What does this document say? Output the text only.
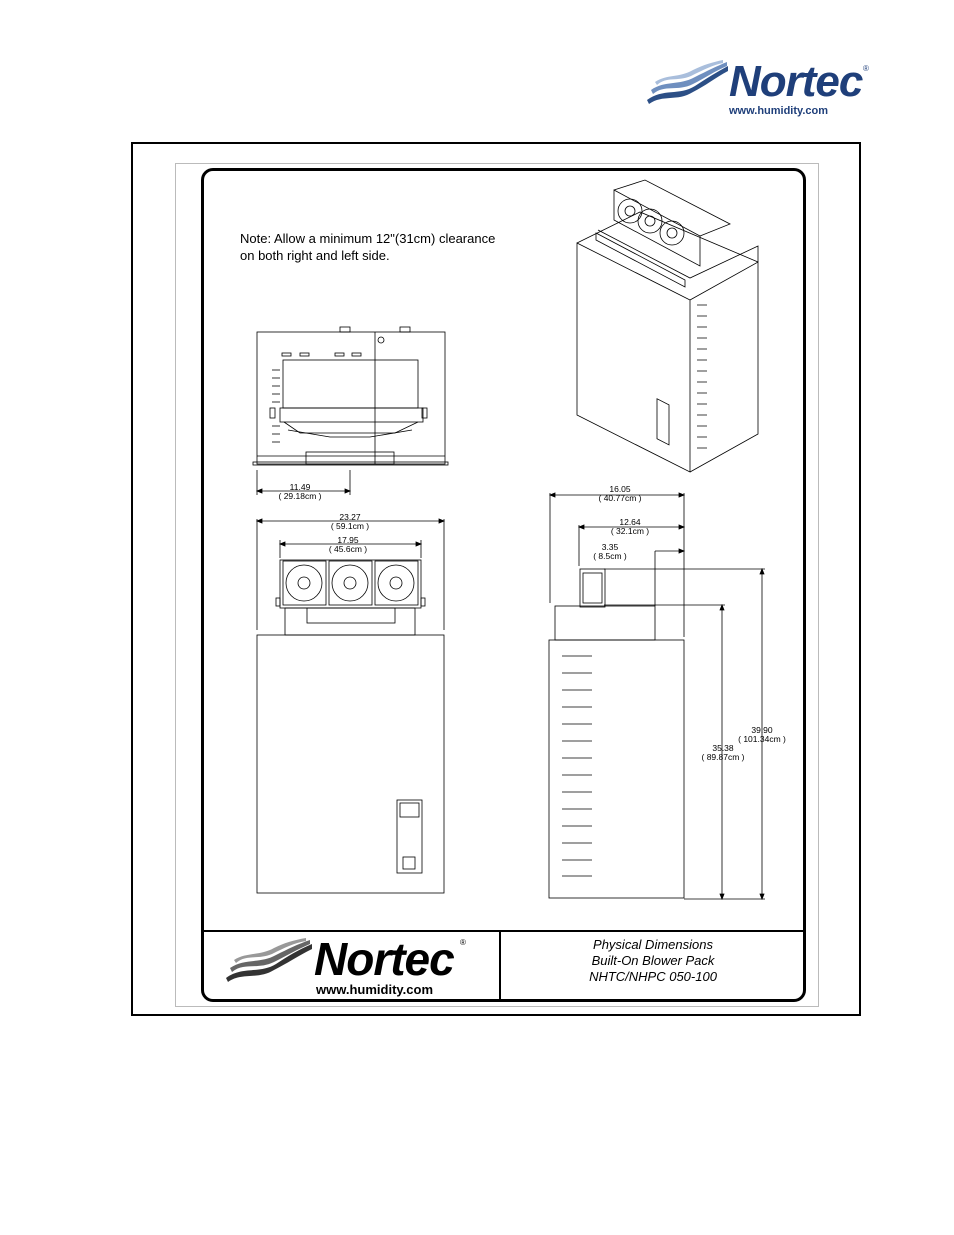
Nortec ®
www.humidity.com
Note: Allow a minimum 12"(31cm) clearance
on both right and left side.
11.49
( 29.18cm )
23.27
( 59.1cm )
17.95
( 45.6cm )
16.05
( 40.77cm )
12.64
( 32.1cm )
3.35
( 8.5cm )
39.90
( 101.34cm )
35.38
( 89.87cm )
Nortec ®
www.humidity.com
Physical Dimensions
Built-On Blower Pack
NHTC/NHPC 050-100
